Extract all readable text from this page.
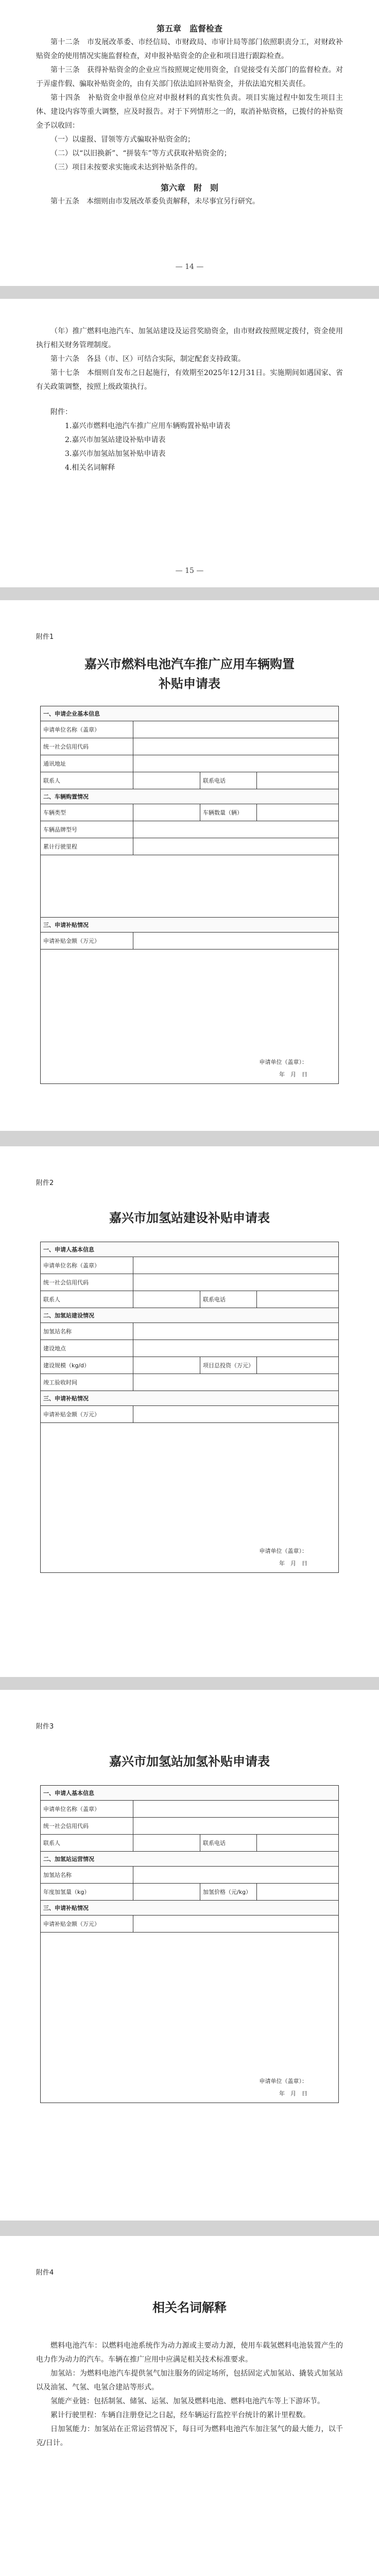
第五章　监督检查

第十二条　市发展改革委、市经信局、市财政局、市审计局等部门依照职责分工，对财政补贴资金的使用情况实施监督检查，对申报补贴资金的企业和项目进行跟踪检查。

第十三条　获得补贴资金的企业应当按照规定使用资金，自觉接受有关部门的监督检查。对于弄虚作假、骗取补贴资金的，由有关部门依法追回补贴资金，并依法追究相关责任。

第十四条　补贴资金申报单位应对申报材料的真实性负责。项目实施过程中如发生项目主体、建设内容等重大调整，应及时报告。对于下列情形之一的，取消补贴资格，已拨付的补贴资金予以收回：

（一）以虚报、冒领等方式骗取补贴资金的；

（二）以“以旧换新”、“拼装车”等方式获取补贴资金的；

（三）项目未按要求实施或未达到补贴条件的。

第六章　附　则

第十五条　本细则由市发展改革委负责解释，未尽事宜另行研究。

— 14 —

（年）推广燃料电池汽车、加氢站建设及运营奖励资金，由市财政按照规定拨付，资金使用执行相关财务管理制度。

第十六条　各县（市、区）可结合实际，制定配套支持政策。

第十七条　本细则自发布之日起施行，有效期至2025年12月31日。实施期间如遇国家、省有关政策调整，按照上级政策执行。

附件：

1.嘉兴市燃料电池汽车推广应用车辆购置补贴申请表

2.嘉兴市加氢站建设补贴申请表

3.嘉兴市加氢站加氢补贴申请表

4.相关名词解释

— 15 —
附件1
嘉兴市燃料电池汽车推广应用车辆购置补贴申请表
一、申请企业基本信息
申请单位名称（盖章）
统一社会信用代码
通讯地址
联系人	联系电话
二、车辆购置情况
车辆类型	车辆数量（辆）
车辆品牌型号
累计行驶里程
三、申请补贴情况
申请补贴金额（万元）
申请单位（盖章）：
年　月　日
附件2
嘉兴市加氢站建设补贴申请表
一、申请人基本信息
申请单位名称（盖章）
统一社会信用代码
联系人	联系电话
二、加氢站建设情况
加氢站名称
建设地点
建设规模（kg/d）	项目总投资（万元）
竣工验收时间
三、申请补贴情况
申请补贴金额（万元）
申请单位（盖章）：
年　月　日
附件3
嘉兴市加氢站加氢补贴申请表
一、申请人基本信息
申请单位名称（盖章）
统一社会信用代码
联系人	联系电话
二、加氢站运营情况
加氢站名称
年度加氢量（kg）	加氢价格（元/kg）
三、申请补贴情况
申请补贴金额（万元）
申请单位（盖章）：
年　月　日
附件4
相关名词解释

燃料电池汽车：以燃料电池系统作为动力源或主要动力源，使用车载氢燃料电池装置产生的电力作为动力的汽车。车辆在推广应用中应满足相关技术标准要求。

加氢站：为燃料电池汽车提供氢气加注服务的固定场所，包括固定式加氢站、撬装式加氢站以及油氢、气氢、电氢合建站等形式。

氢能产业链：包括制氢、储氢、运氢、加氢及燃料电池、燃料电池汽车等上下游环节。

累计行驶里程：车辆自注册登记之日起，经车辆运行监控平台统计的累计里程数。

日加氢能力：加氢站在正常运营情况下，每日可为燃料电池汽车加注氢气的最大能力，以千克/日计。
